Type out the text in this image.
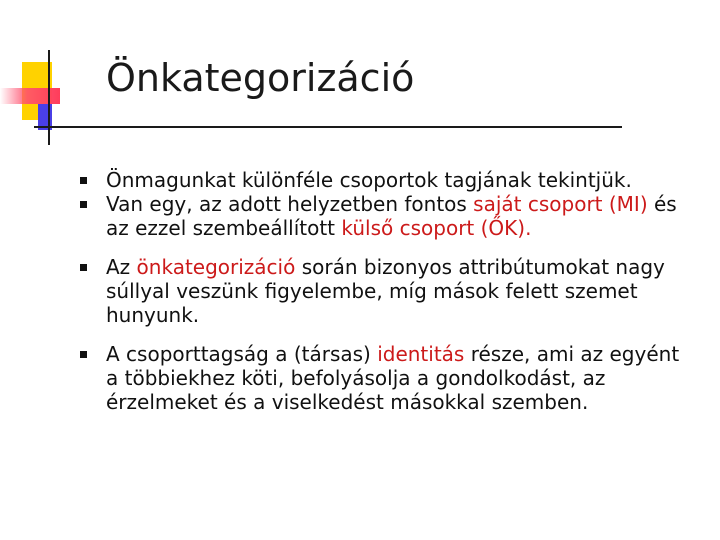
Önkategorizáció
Önmagunkat különféle csoportok tagjának tekintjük.
Van egy, az adott helyzetben fontos saját csoport (MI) és az ezzel szembeállított külső csoport (ŐK).
Az önkategorizáció során bizonyos attribútumokat nagy súllyal veszünk figyelembe, míg mások felett szemet hunyunk.
A csoporttagság a (társas) identitás része, ami az egyént a többiekhez köti, befolyásolja a gondolkodást, az érzelmeket és a viselkedést másokkal szemben.
